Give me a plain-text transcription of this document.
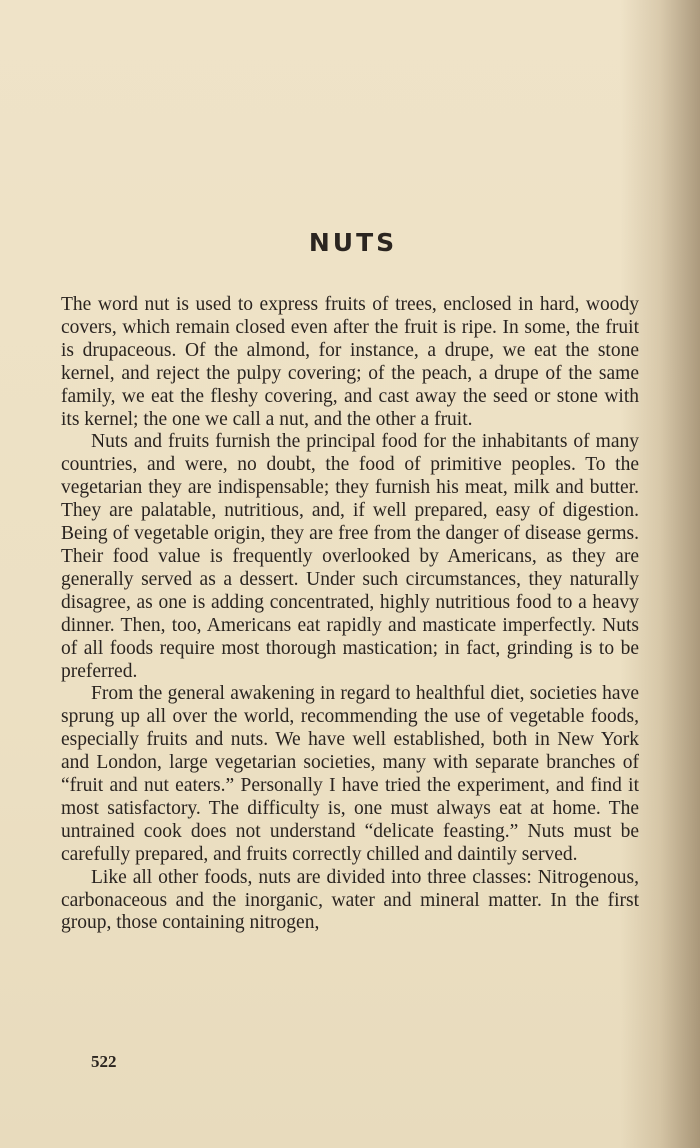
NUTS

The word nut is used to express fruits of trees, enclosed in hard, woody covers, which remain closed even after the fruit is ripe. In some, the fruit is drupaceous. Of the almond, for instance, a drupe, we eat the stone kernel, and reject the pulpy covering; of the peach, a drupe of the same family, we eat the fleshy covering, and cast away the seed or stone with its kernel; the one we call a nut, and the other a fruit.

Nuts and fruits furnish the principal food for the inhabitants of many countries, and were, no doubt, the food of primitive peoples. To the vegetarian they are indispensable; they furnish his meat, milk and butter. They are palatable, nutritious, and, if well prepared, easy of digestion. Being of vegetable origin, they are free from the danger of disease germs. Their food value is frequently overlooked by Americans, as they are generally served as a dessert. Under such circumstances, they naturally disagree, as one is adding concentrated, highly nutritious food to a heavy dinner. Then, too, Americans eat rapidly and masticate imperfectly. Nuts of all foods require most thorough mastication; in fact, grinding is to be preferred.

From the general awakening in regard to healthful diet, societies have sprung up all over the world, recommending the use of vegetable foods, especially fruits and nuts. We have well established, both in New York and London, large vegetarian societies, many with separate branches of “fruit and nut eaters.” Personally I have tried the experiment, and find it most satisfactory. The difficulty is, one must always eat at home. The untrained cook does not understand “delicate feasting.” Nuts must be carefully prepared, and fruits correctly chilled and daintily served.

Like all other foods, nuts are divided into three classes: Nitrogenous, carbonaceous and the inorganic, water and mineral matter. In the first group, those containing nitrogen,

522
